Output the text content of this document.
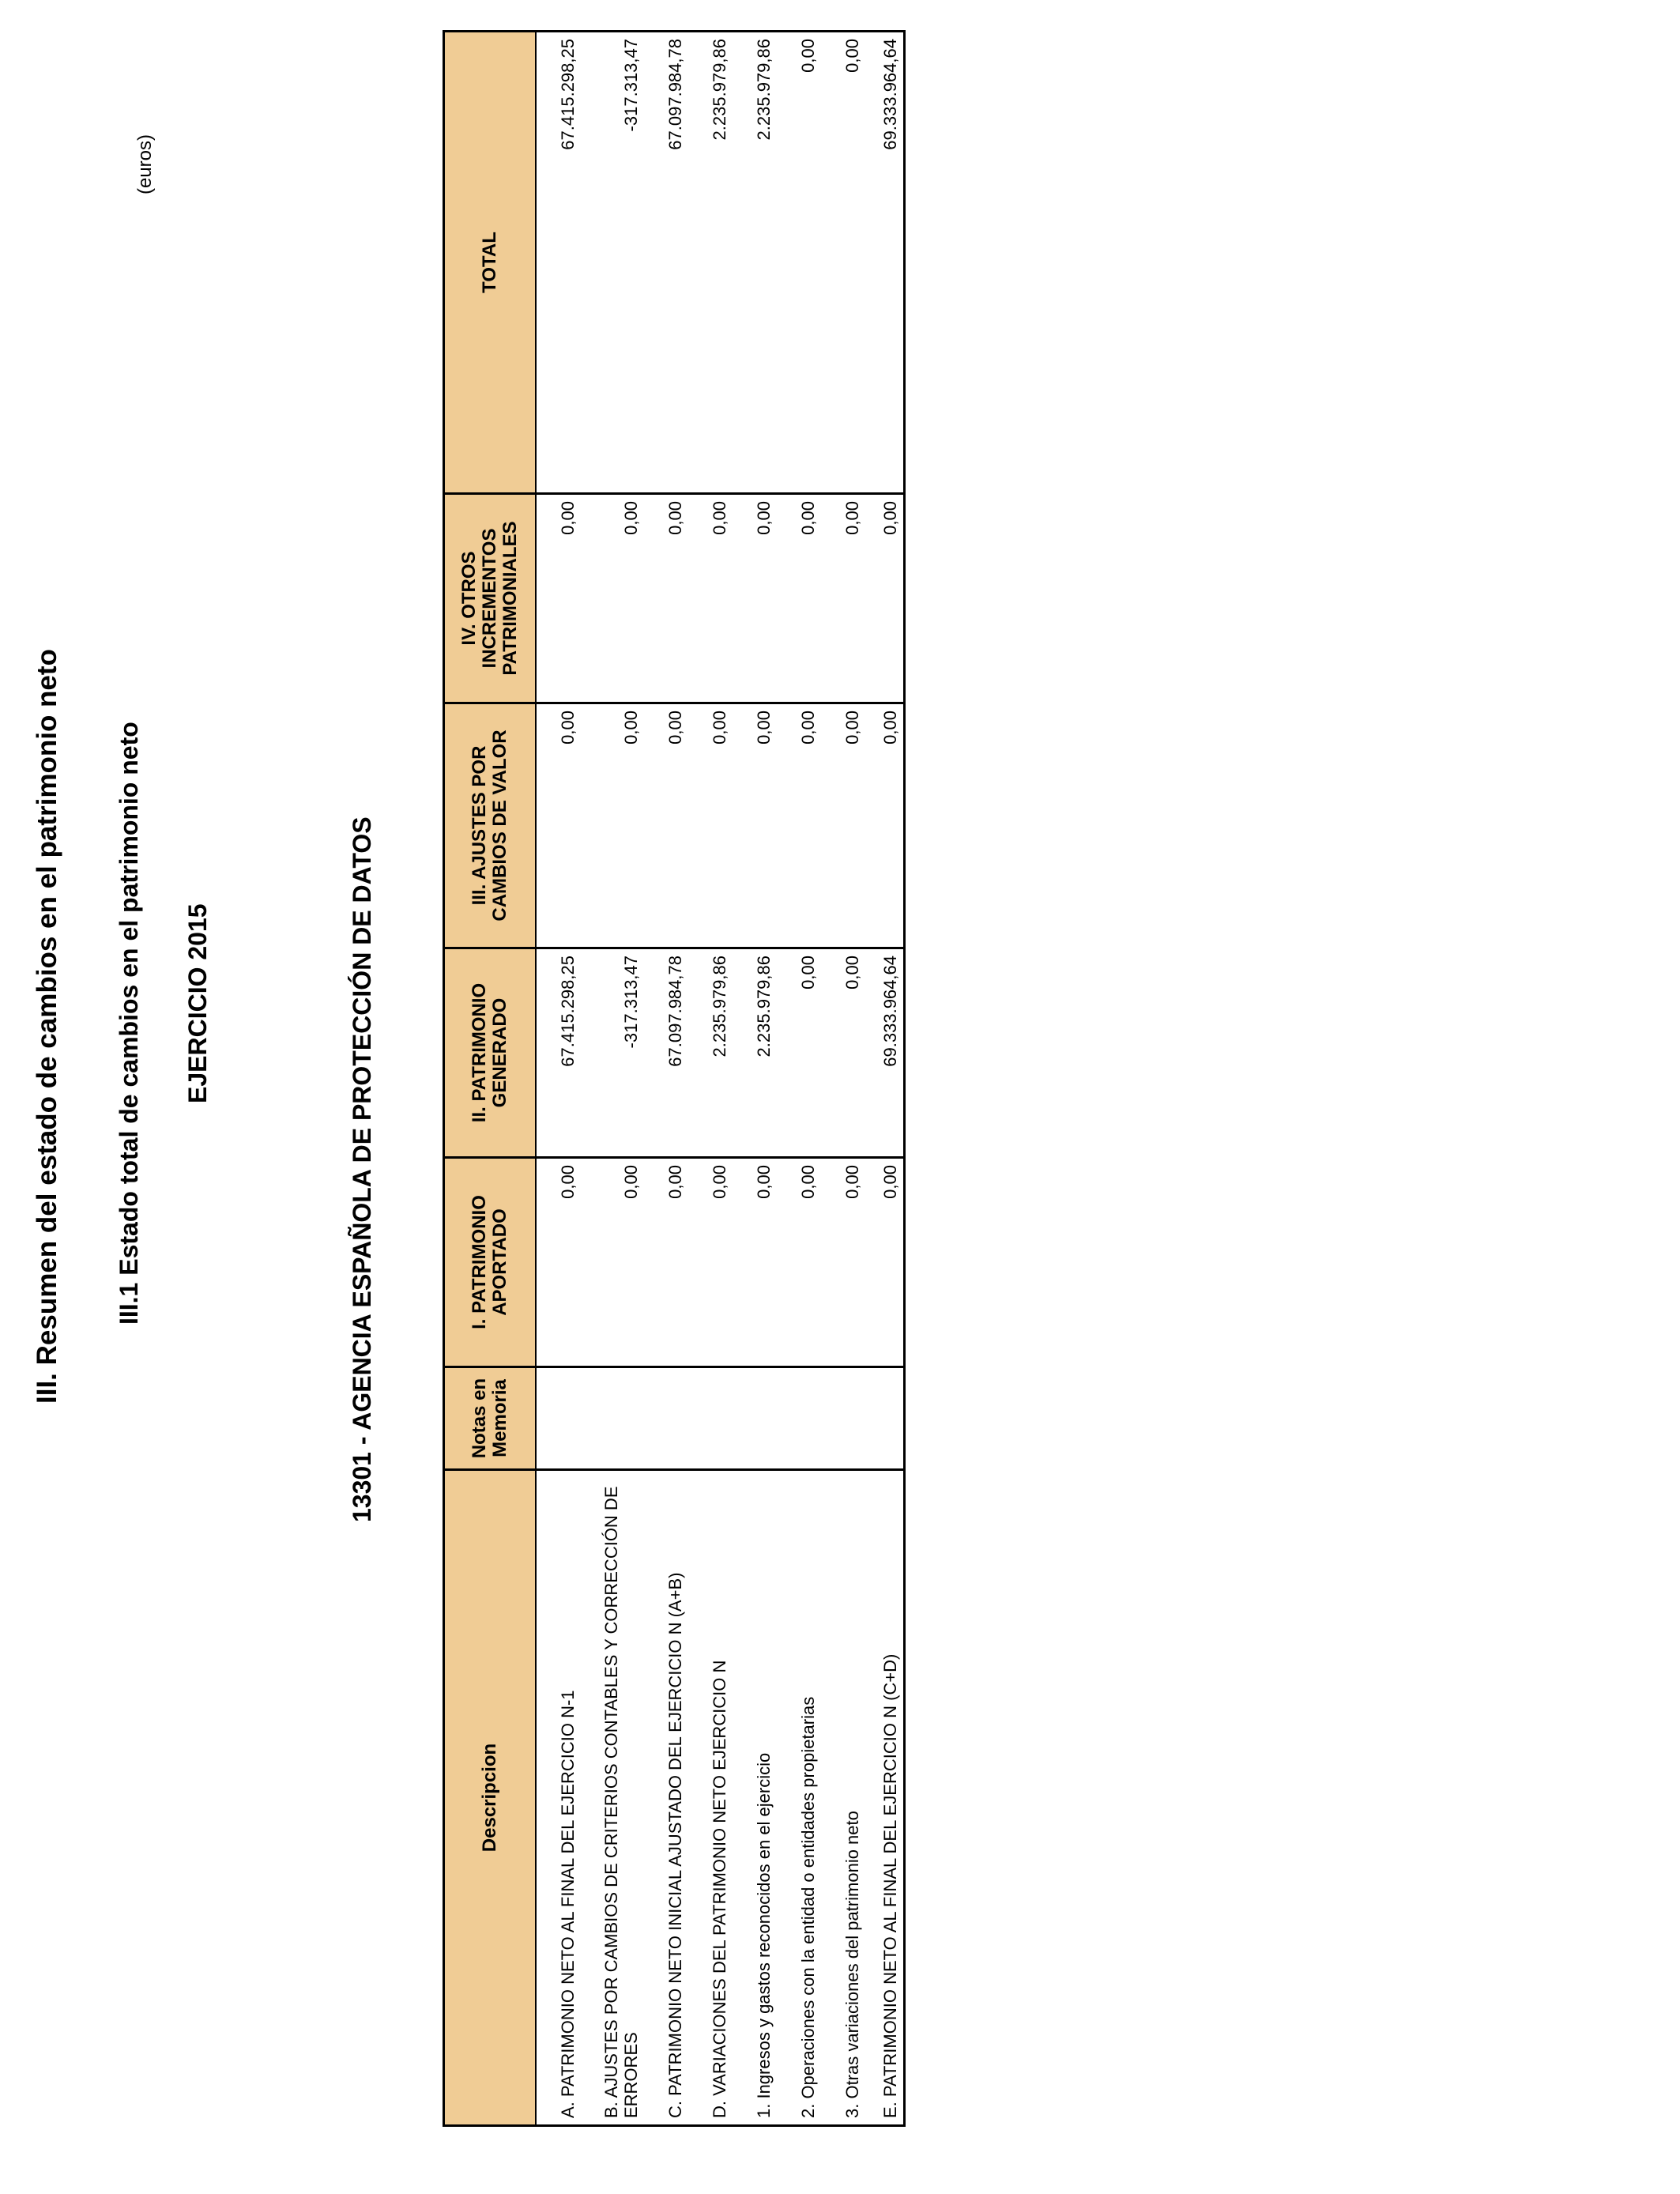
III. Resumen del estado de cambios en el patrimonio neto III.1 Estado total de cambios en el patrimonio neto EJERCICIO 2015	13301 - AGENCIA ESPAÑOLA DE PROTECCIÓN DE DATOS
(euros)
Descripcion	Notas en Memoria	I. PATRIMONIO APORTADO	II. PATRIMONIO GENERADO	III. AJUSTES POR CAMBIOS DE VALOR	IV. OTROS INCREMENTOS PATRIMONIALES	TOTAL
A. PATRIMONIO NETO AL FINAL DEL EJERCICIO N-1		0,00	67.415.298,25	0,00	0,00	67.415.298,25
B. AJUSTES POR CAMBIOS DE CRITERIOS CONTABLES Y CORRECCIÓN DE ERRORES		0,00	-317.313,47	0,00	0,00	-317.313,47
C. PATRIMONIO NETO INICIAL AJUSTADO DEL EJERCICIO N (A+B)		0,00	67.097.984,78	0,00	0,00	67.097.984,78
D. VARIACIONES DEL PATRIMONIO NETO EJERCICIO N		0,00	2.235.979,86	0,00	0,00	2.235.979,86
1. Ingresos y gastos reconocidos en el ejercicio		0,00	2.235.979,86	0,00	0,00	2.235.979,86
2. Operaciones con la entidad o entidades propietarias		0,00	0,00	0,00	0,00	0,00
3. Otras variaciones del patrimonio neto		0,00	0,00	0,00	0,00	0,00
E. PATRIMONIO NETO AL FINAL DEL EJERCICIO N (C+D)		0,00	69.333.964,64	0,00	0,00	69.333.964,64
